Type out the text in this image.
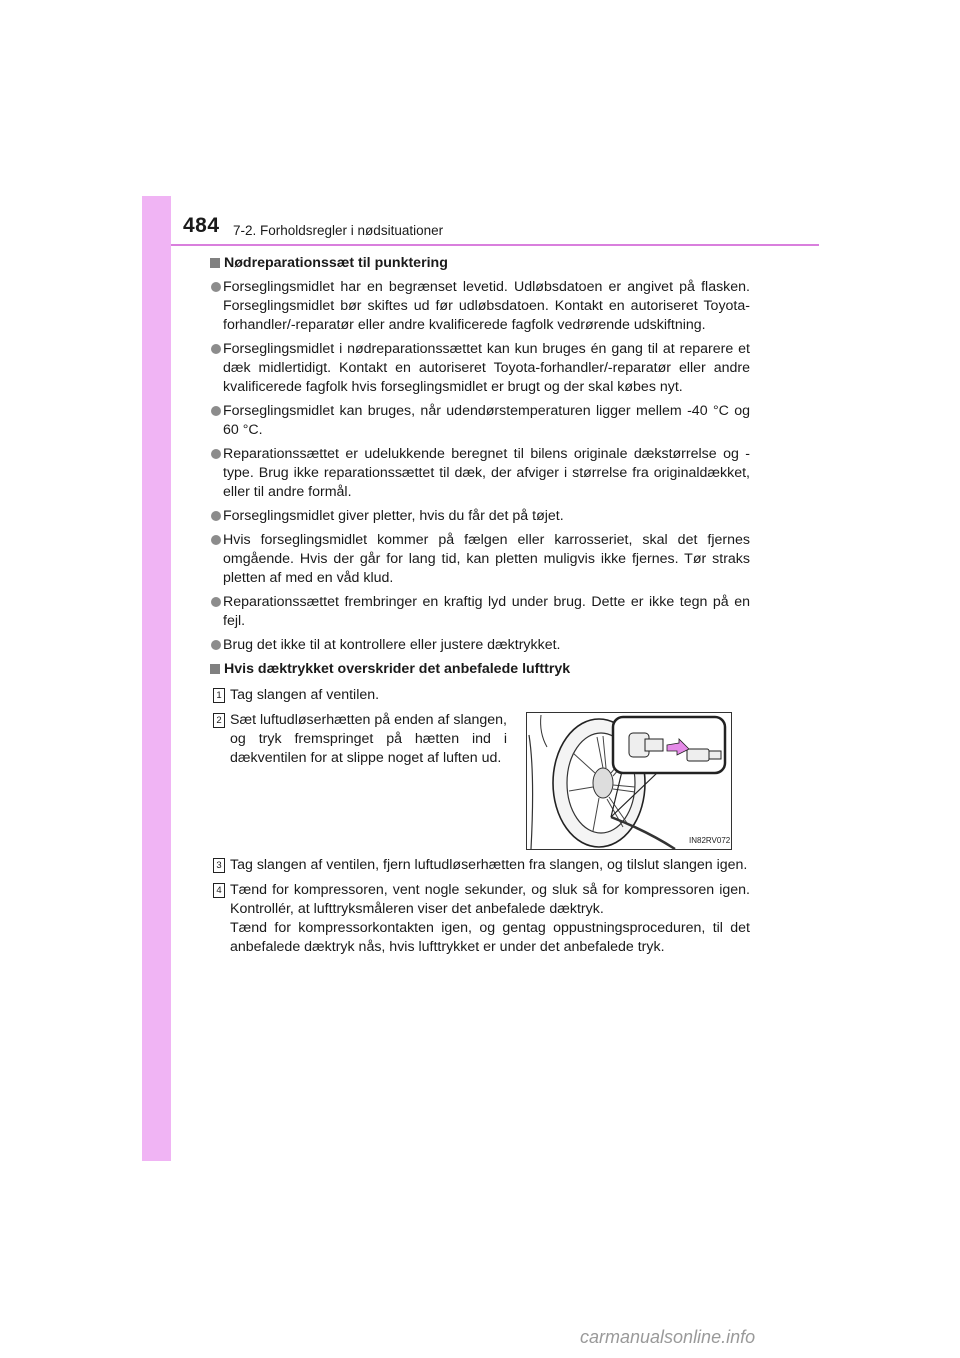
484 7-2. Forholdsregler i nødsituationer
Nødreparationssæt til punktering
Forseglingsmidlet har en begrænset levetid. Udløbsdatoen er angivet på flasken. Forseglingsmidlet bør skiftes ud før udløbsdatoen. Kontakt en autoriseret Toyota-forhandler/-reparatør eller andre kvalificerede fagfolk vedrørende udskiftning.
Forseglingsmidlet i nødreparationssættet kan kun bruges én gang til at reparere et dæk midlertidigt. Kontakt en autoriseret Toyota-forhandler/-reparatør eller andre kvalificerede fagfolk hvis forseglingsmidlet er brugt og der skal købes nyt.
Forseglingsmidlet kan bruges, når udendørstemperaturen ligger mellem -40 °C og 60 °C.
Reparationssættet er udelukkende beregnet til bilens originale dækstørrelse og -type. Brug ikke reparationssættet til dæk, der afviger i størrelse fra originaldækket, eller til andre formål.
Forseglingsmidlet giver pletter, hvis du får det på tøjet.
Hvis forseglingsmidlet kommer på fælgen eller karrosseriet, skal det fjernes omgående. Hvis der går for lang tid, kan pletten muligvis ikke fjernes. Tør straks pletten af med en våd klud.
Reparationssættet frembringer en kraftig lyd under brug. Dette er ikke tegn på en fejl.
Brug det ikke til at kontrollere eller justere dæktrykket.
Hvis dæktrykket overskrider det anbefalede lufttryk
1 Tag slangen af ventilen.
2 Sæt luftudløserhætten på enden af slangen, og tryk fremspringet på hætten ind i dækventilen for at slippe noget af luften ud.
IN82RV072
3 Tag slangen af ventilen, fjern luftudløserhætten fra slangen, og tilslut slangen igen.
4 Tænd for kompressoren, vent nogle sekunder, og sluk så for kompressoren igen. Kontrollér, at lufttryksmåleren viser det anbefalede dæktryk.
Tænd for kompressorkontakten igen, og gentag oppustningsproceduren, til det anbefalede dæktryk nås, hvis lufttrykket er under det anbefalede tryk.
carmanualsonline.info
